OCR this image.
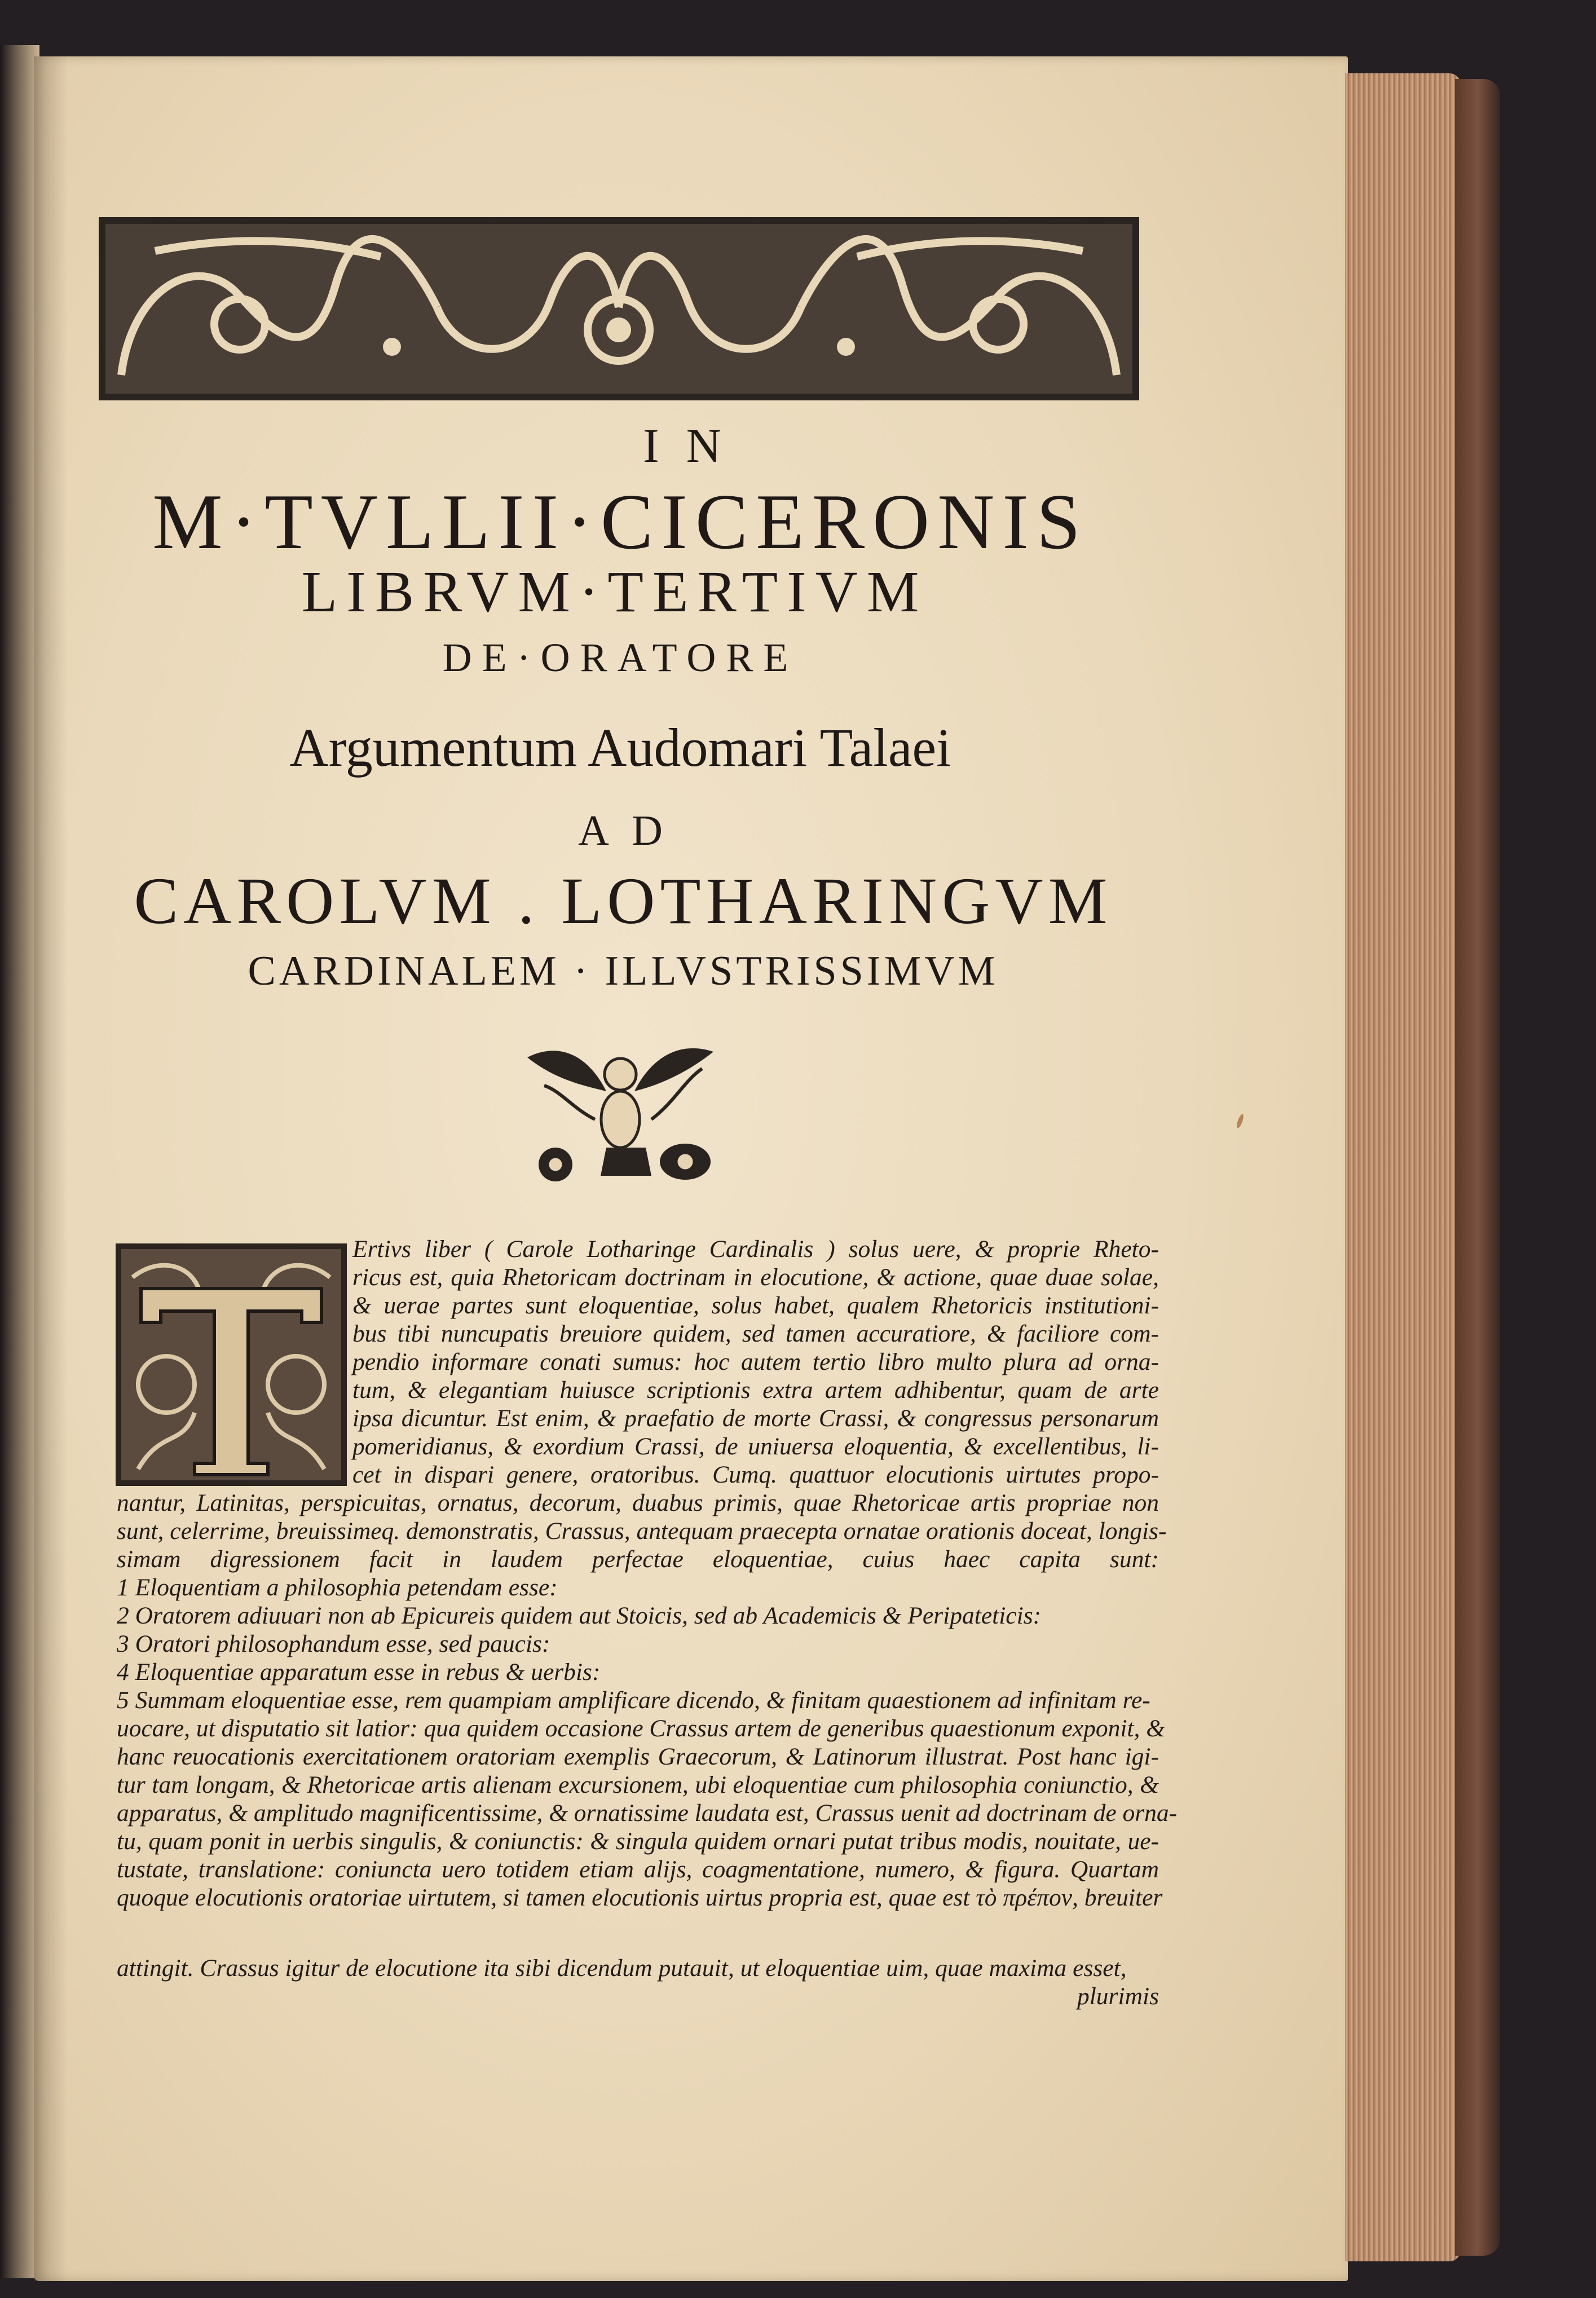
IN

M·TVLLII·CICERONIS

LIBRVM·TERTIVM

DE·ORATORE

Argumentum Audomari Talaei

AD

CAROLVM . LOTHARINGVM

CARDINALEM · ILLVSTRISSIMVM

Ertivs liber ( Carole Lotharinge Cardinalis ) solus uere, & proprie Rheto-

ricus est, quia Rhetoricam doctrinam in elocutione, & actione, quae duae solae,

& uerae partes sunt eloquentiae, solus habet, qualem Rhetoricis institutioni-

bus tibi nuncupatis breuiore quidem, sed tamen accuratiore, & faciliore com-

pendio informare conati sumus: hoc autem tertio libro multo plura ad orna-

tum, & elegantiam huiusce scriptionis extra artem adhibentur, quam de arte

ipsa dicuntur. Est enim, & praefatio de morte Crassi, & congressus personarum

pomeridianus, & exordium Crassi, de uniuersa eloquentia, & excellentibus, li-

cet in dispari genere, oratoribus. Cumq. quattuor elocutionis uirtutes propo-

nantur, Latinitas, perspicuitas, ornatus, decorum, duabus primis, quae Rhetoricae artis propriae non

sunt, celerrime, breuissimeq. demonstratis, Crassus, antequam praecepta ornatae orationis doceat, longis-

simam digressionem facit in laudem perfectae eloquentiae, cuius haec capita sunt:

1 Eloquentiam a philosophia petendam esse:

2 Oratorem adiuuari non ab Epicureis quidem aut Stoicis, sed ab Academicis & Peripateticis:

3 Oratori philosophandum esse, sed paucis:

4 Eloquentiae apparatum esse in rebus & uerbis:

5 Summam eloquentiae esse, rem quampiam amplificare dicendo, & finitam quaestionem ad infinitam re-

uocare, ut disputatio sit latior: qua quidem occasione Crassus artem de generibus quaestionum exponit, &

hanc reuocationis exercitationem oratoriam exemplis Graecorum, & Latinorum illustrat. Post hanc igi-

tur tam longam, & Rhetoricae artis alienam excursionem, ubi eloquentiae cum philosophia coniunctio, &

apparatus, & amplitudo magnificentissime, & ornatissime laudata est, Crassus uenit ad doctrinam de orna-

tu, quam ponit in uerbis singulis, & coniunctis: & singula quidem ornari putat tribus modis, nouitate, ue-

tustate, translatione: coniuncta uero totidem etiam alijs, coagmentatione, numero, & figura. Quartam

quoque elocutionis oratoriae uirtutem, si tamen elocutionis uirtus propria est, quae est τὸ πρέπον, breuiter

attingit. Crassus igitur de elocutione ita sibi dicendum putauit, ut eloquentiae uim, quae maxima esset,

plurimis
